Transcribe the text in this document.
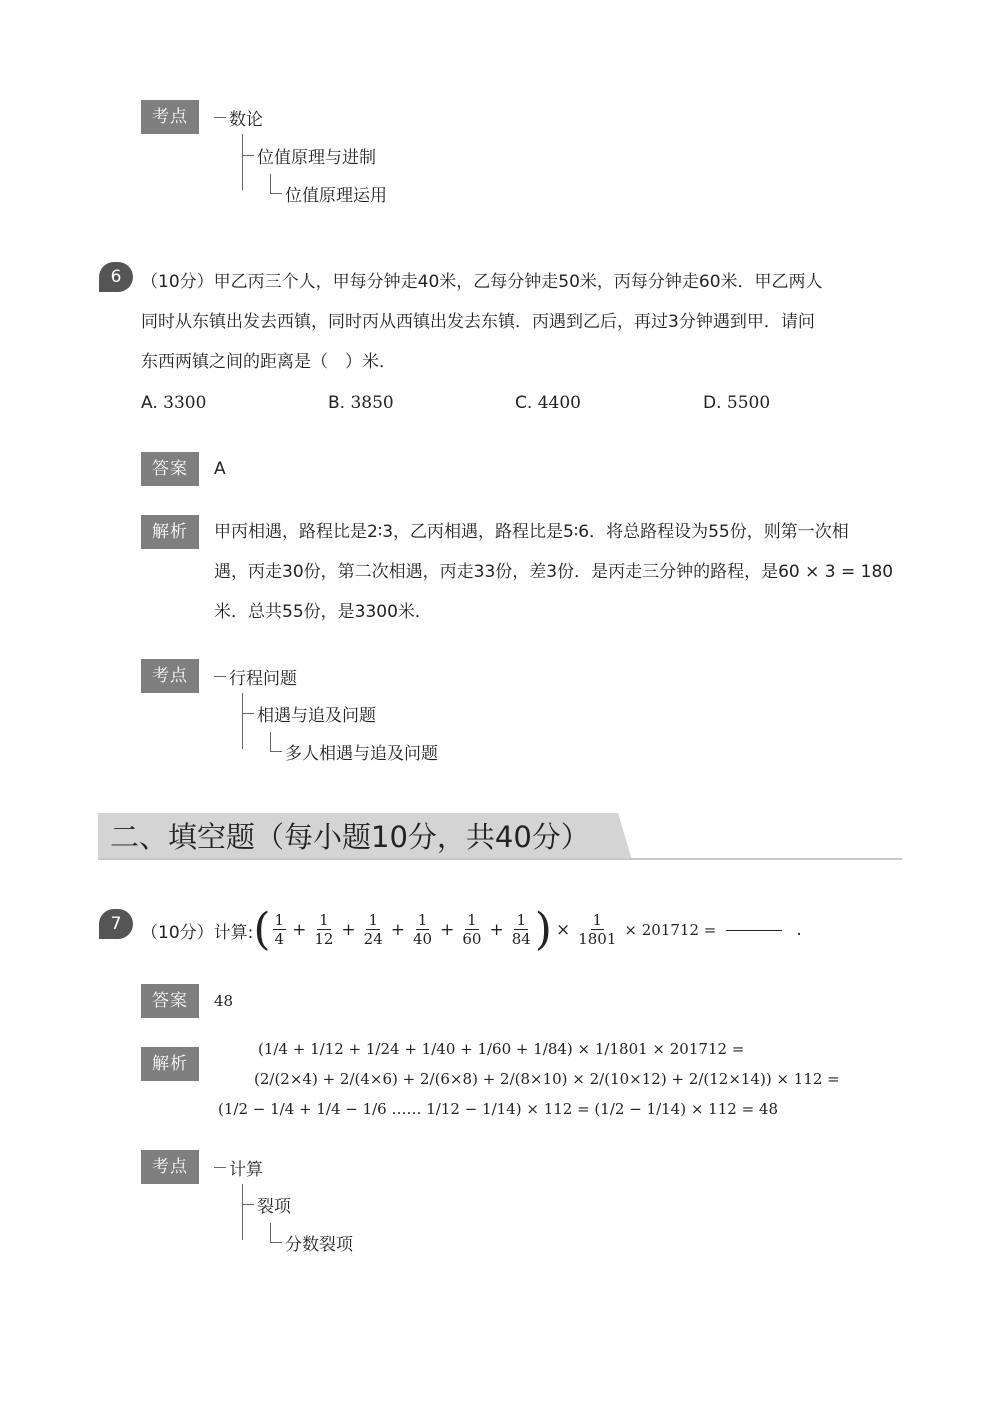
考点	数论
位值原理与进制
位值原理运用
6	（10分）甲乙丙三个人，甲每分钟走40米，乙每分钟走50米，丙每分钟走60米．甲乙两人
同时从东镇出发去西镇，同时丙从西镇出发去东镇．丙遇到乙后，再过3分钟遇到甲．请问
东西两镇之间的距离是（　）米．
A. 3300	B. 3850	C. 4400	D. 5500
答案	A
解析	甲丙相遇，路程比是2∶3，乙丙相遇，路程比是5∶6．将总路程设为55份，则第一次相
遇，丙走30份，第二次相遇，丙走33份，差3份．是丙走三分钟的路程，是60 × 3 = 180
米．总共55份，是3300米．
考点	行程问题
相遇与追及问题
多人相遇与追及问题
二、填空题（每小题10分，共40分）
7	（10分）计算: ( $\frac{1}{4} + \frac{1}{12} + \frac{1}{24} + \frac{1}{40} + \frac{1}{60} + \frac{1}{84}$ ) × $\frac{1}{1801} \times 201712$ =	.
答案	48
解析
(1/4 + 1/12 + 1/24 + 1/40 + 1/60 + 1/84) × 1/1801 × 201712 =
(2/(2×4) + 2/(4×6) + 2/(6×8) + 2/(8×10) × 2/(10×12) + 2/(12×14)) × 112 =
(1/2 − 1/4 + 1/4 − 1/6 …… 1/12 − 1/14) × 112 = (1/2 − 1/14) × 112 = 48
考点	计算
裂项
分数裂项
